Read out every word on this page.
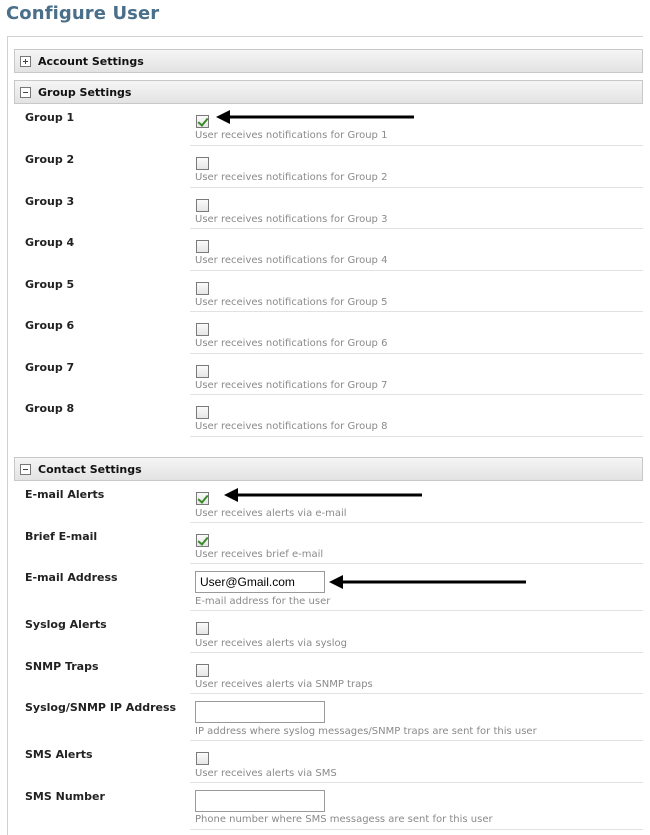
Configure User
Account Settings
Group Settings
Group 1
User receives notifications for Group 1
Group 2
User receives notifications for Group 2
Group 3
User receives notifications for Group 3
Group 4
User receives notifications for Group 4
Group 5
User receives notifications for Group 5
Group 6
User receives notifications for Group 6
Group 7
User receives notifications for Group 7
Group 8
User receives notifications for Group 8
Contact Settings
E-mail Alerts
User receives alerts via e-mail
Brief E-mail
User receives brief e-mail
E-mail Address
User@Gmail.com
E-mail address for the user
Syslog Alerts
User receives alerts via syslog
SNMP Traps
User receives alerts via SNMP traps
Syslog/SNMP IP Address
IP address where syslog messages/SNMP traps are sent for this user
SMS Alerts
User receives alerts via SMS
SMS Number
Phone number where SMS messagess are sent for this user
